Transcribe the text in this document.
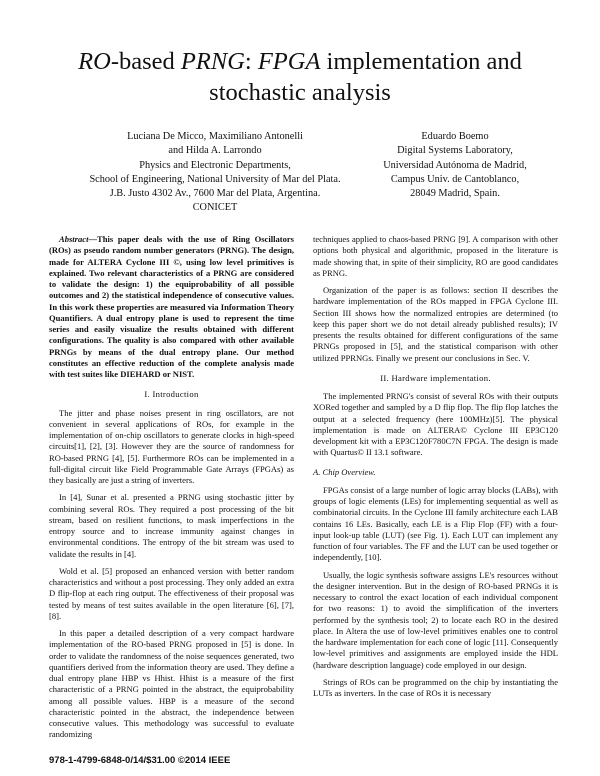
RO-based PRNG: FPGA implementation and
stochastic analysis
Luciana De Micco, Maximiliano Antonelli
and Hilda A. Larrondo
Physics and Electronic Departments,
School of Engineering, National University of Mar del Plata.
J.B. Justo 4302 Av., 7600 Mar del Plata, Argentina.
CONICET
Eduardo Boemo
Digital Systems Laboratory,
Universidad Autónoma de Madrid,
Campus Univ. de Cantoblanco,
28049 Madrid, Spain.

Abstract—This paper deals with the use of Ring Oscillators (ROs) as pseudo random number generators (PRNG). The design, made for ALTERA Cyclone III ©, using low level primitives is explained. Two relevant characteristics of a PRNG are considered to validate the design: 1) the equiprobability of all possible outcomes and 2) the statistical independence of consecutive values. In this work these properties are measured via Information Theory Quantifiers. A dual entropy plane is used to represent the time series and easily visualize the results obtained with different configurations. The quality is also compared with other available PRNGs by means of the dual entropy plane. Our method constitutes an effective reduction of the complete analysis made with test suites like DIEHARD or NIST.

I. Introduction

The jitter and phase noises present in ring oscillators, are not convenient in several applications of ROs, for example in the implementation of on-chip oscillators to generate clocks in high-speed circuits[1], [2], [3]. However they are the source of randomness for RO-based PRNG [4], [5]. Furthermore ROs can be implemented in a full-digital circuit like Field Programmable Gate Arrays (FPGAs) as they basically are just a string of inverters.

In [4], Sunar et al. presented a PRNG using stochastic jitter by combining several ROs. They required a post processing of the bit stream, based on resilient functions, to mask imperfections in the entropy source and to increase immunity against changes in environmental conditions. The entropy of the bit stream was used to validate the results in [4].

Wold et al. [5] proposed an enhanced version with better random characteristics and without a post processing. They only added an extra D flip-flop at each ring output. The effectiveness of their proposal was tested by means of test suites available in the open literature [6], [7], [8].

In this paper a detailed description of a very compact hardware implementation of the RO-based PRNG proposed in [5] is done. In order to validate the randomness of the noise sequences generated, two quantifiers derived from the information theory are used. They define a dual entropy plane HBP vs Hhist. Hhist is a measure of the first characteristic of a PRNG pointed in the abstract, the equiprobability among all possible values. HBP is a measure of the second characteristic pointed in the abstract, the independence between consecutive values. This methodology was successful to evaluate randomizing

techniques applied to chaos-based PRNG [9]. A comparison with other options both physical and algorithmic, proposed in the literature is made showing that, in spite of their simplicity, RO are good candidates as PRNG.

Organization of the paper is as follows: section II describes the hardware implementation of the ROs mapped in FPGA Cyclone III. Section III shows how the normalized entropies are determined (to keep this paper short we do not detail already published results); IV presents the results obtained for different configurations of the same PRNGs proposed in [5], and the statistical comparison with other utilized PPRNGs. Finally we present our conclusions in Sec. V.

II. Hardware implementation.

The implemented PRNG's consist of several ROs with their outputs XORed together and sampled by a D flip flop. The flip flop latches the output at a selected frequency (here 100MHz)[5]. The physical implementation is made on ALTERA© Cyclone III EP3C120 development kit with a EP3C120F780C7N FPGA. The design is made with Quartus© II 13.1 software.

A. Chip Overview.

FPGAs consist of a large number of logic array blocks (LABs), with groups of logic elements (LEs) for implementing sequential as well as combinatorial circuits. In the Cyclone III family architecture each LAB contains 16 LEs. Basically, each LE is a Flip Flop (FF) with a four-input look-up table (LUT) (see Fig. 1). Each LUT can implement any function of four variables. The FF and the LUT can be used together or independently, [10].

Usually, the logic synthesis software assigns LE's resources without the designer intervention. But in the design of RO-based PRNGs it is necessary to control the exact location of each individual component for two reasons: 1) to avoid the simplification of the inverters performed by the synthesis tool; 2) to locate each RO in the desired place. In Altera the use of low-level primitives enables one to control the hardware implementation for each cone of logic [11]. Consequently low-level primitives and assignments are employed inside the HDL (hardware description language) code employed in our design.

Strings of ROs can be programmed on the chip by instantiating the LUTs as inverters. In the case of ROs it is necessary

978-1-4799-6848-0/14/$31.00 ©2014 IEEE
